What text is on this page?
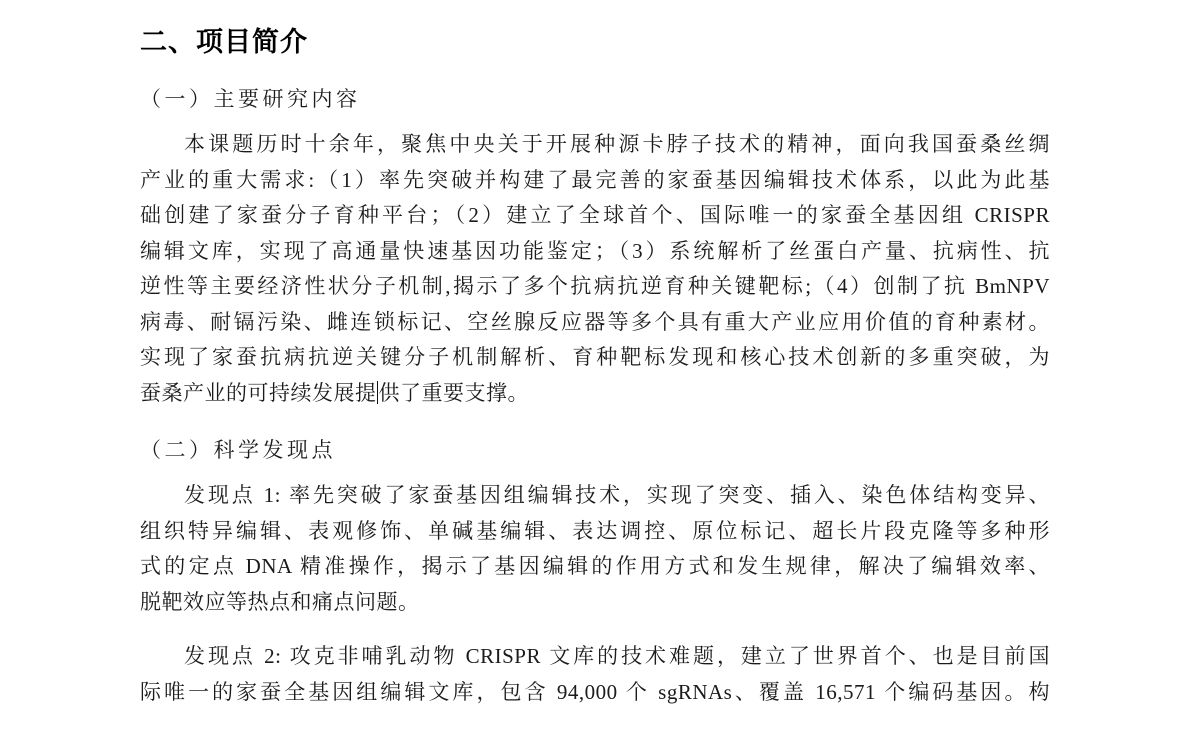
二、项目简介
（一）主要研究内容
本课题历时十余年，聚焦中央关于开展种源卡脖子技术的精神，面向我国蚕桑丝绸
产业的重大需求:（1）率先突破并构建了最完善的家蚕基因编辑技术体系，以此为此基
础创建了家蚕分子育种平台；（2）建立了全球首个、国际唯一的家蚕全基因组 CRISPR
编辑文库，实现了高通量快速基因功能鉴定；（3）系统解析了丝蛋白产量、抗病性、抗
逆性等主要经济性状分子机制,揭示了多个抗病抗逆育种关键靶标;（4）创制了抗 BmNPV
病毒、耐镉污染、雌连锁标记、空丝腺反应器等多个具有重大产业应用价值的育种素材。
实现了家蚕抗病抗逆关键分子机制解析、育种靶标发现和核心技术创新的多重突破，为
蚕桑产业的可持续发展提供了重要支撑。
（二）科学发现点
发现点 1: 率先突破了家蚕基因组编辑技术，实现了突变、插入、染色体结构变异、
组织特异编辑、表观修饰、单碱基编辑、表达调控、原位标记、超长片段克隆等多种形
式的定点 DNA 精准操作，揭示了基因编辑的作用方式和发生规律，解决了编辑效率、
脱靶效应等热点和痛点问题。
发现点 2: 攻克非哺乳动物 CRISPR 文库的技术难题，建立了世界首个、也是目前国
际唯一的家蚕全基因组编辑文库，包含 94,000 个 sgRNAs、覆盖 16,571 个编码基因。构
